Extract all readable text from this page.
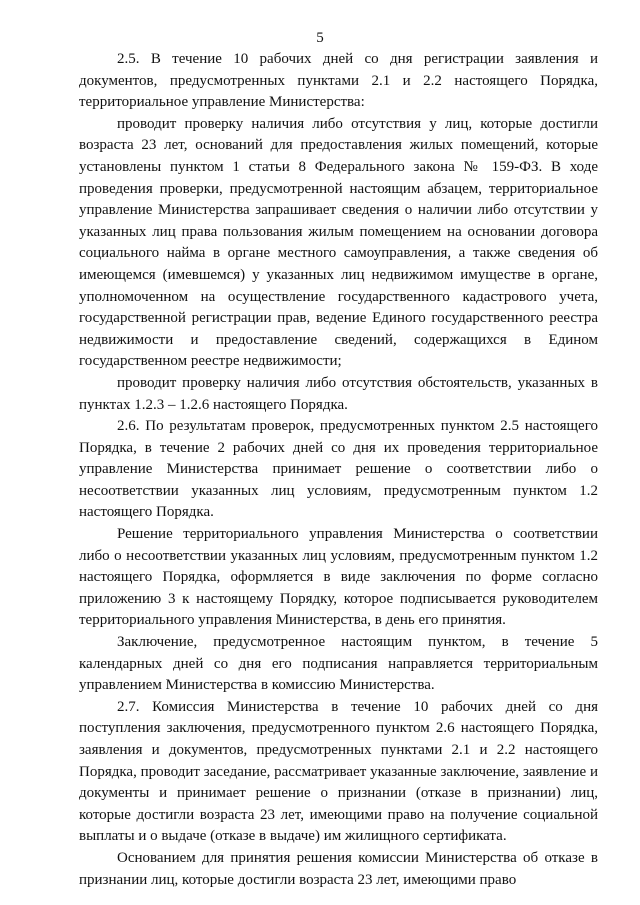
5

2.5. В течение 10 рабочих дней со дня регистрации заявления и документов, предусмотренных пунктами 2.1 и 2.2 настоящего Порядка, территориальное управление Министерства:

проводит проверку наличия либо отсутствия у лиц, которые достигли возраста 23 лет, оснований для предоставления жилых помещений, которые установлены пунктом 1 статьи 8 Федерального закона № 159-ФЗ. В ходе проведения проверки, предусмотренной настоящим абзацем, территориальное управление Министерства запрашивает сведения о наличии либо отсутствии у указанных лиц права пользования жилым помещением на основании договора социального найма в органе местного самоуправления, а также сведения об имеющемся (имевшемся) у указанных лиц недвижимом имуществе в органе, уполномоченном на осуществление государственного кадастрового учета, государственной регистрации прав, ведение Единого государственного реестра недвижимости и предоставление сведений, содержащихся в Едином государственном реестре недвижимости;

проводит проверку наличия либо отсутствия обстоятельств, указанных в пунктах 1.2.3 – 1.2.6 настоящего Порядка.

2.6. По результатам проверок, предусмотренных пунктом 2.5 настоящего Порядка, в течение 2 рабочих дней со дня их проведения территориальное управление Министерства принимает решение о соответствии либо о несоответствии указанных лиц условиям, предусмотренным пунктом 1.2 настоящего Порядка.

Решение территориального управления Министерства о соответствии либо о несоответствии указанных лиц условиям, предусмотренным пунктом 1.2 настоящего Порядка, оформляется в виде заключения по форме согласно приложению 3 к настоящему Порядку, которое подписывается руководителем территориального управления Министерства, в день его принятия.

Заключение, предусмотренное настоящим пунктом, в течение 5 календарных дней со дня его подписания направляется территориальным управлением Министерства в комиссию Министерства.

2.7. Комиссия Министерства в течение 10 рабочих дней со дня поступления заключения, предусмотренного пунктом 2.6 настоящего Порядка, заявления и документов, предусмотренных пунктами 2.1 и 2.2 настоящего Порядка, проводит заседание, рассматривает указанные заключение, заявление и документы и принимает решение о признании (отказе в признании) лиц, которые достигли возраста 23 лет, имеющими право на получение социальной выплаты и о выдаче (отказе в выдаче) им жилищного сертификата.

Основанием для принятия решения комиссии Министерства об отказе в признании лиц, которые достигли возраста 23 лет, имеющими право
